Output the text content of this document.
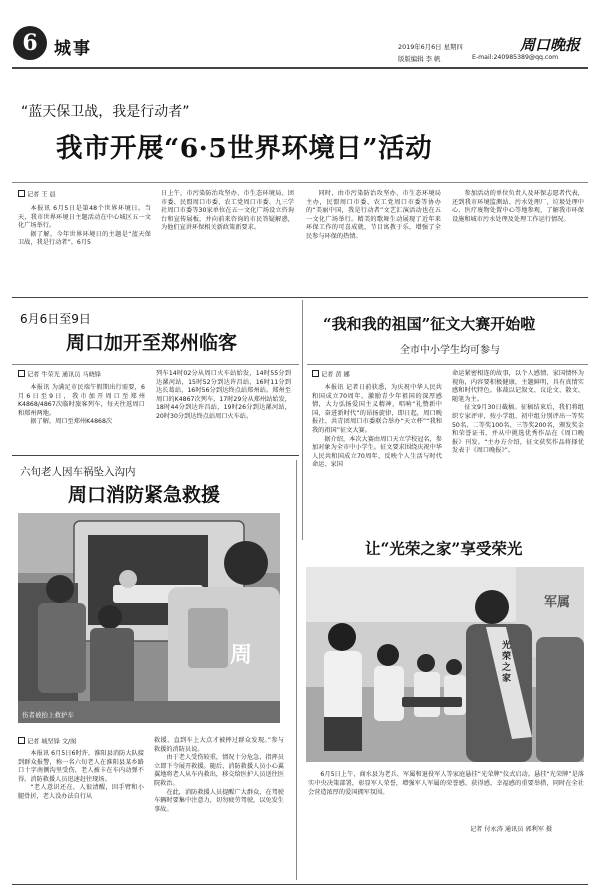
6 城事	2019年6月6日 星期四
版版编辑 李 帆
周口晚报
E-mail:240985389@qq.com
“蓝天保卫战，我是行动者”
我市开展“6·5世界环境日”活动
记者 王 晨

本报讯 6月5日是第48个世界环境日。当天，我市世界环境日主题活动在中心城区五一文化广场举行。

据了解，今年世界环境日的主题是“蓝天保卫战，我是行动者”。6月5

日上午，市污染防治攻坚办、市生态环境局、团市委、民盟周口市委、农工党周口市委、九三学社周口市委等30家单位在五一文化广场设立咨询台和宣传展板，并向前来咨询的市民答疑解惑，为他们宣讲环保相关新政策新要求。

同时，由市污染防治攻坚办、市生态环境局主办，民盟周口市委、农工党周口市委等协办的“美丽中国，我是行动者”文艺汇演活动也在五一文化广场举行。精美的歌舞生动展现了近年来环保工作的可喜成就，节目寓教于乐，增强了全民参与环保的热情。

参加活动的单位负责人及环保志愿者代表，还到我市环境监测站、污水处理厂、垃圾处理中心、医疗废物处置中心等地参观，了解我市环保设施和城市污水处理及处理工作运行情况。

6月6日至9日
周口加开至郑州临客
记者 牛荣光 通讯员 马晓锋

本报讯 为满足市民端午假期出行需要，6月6日至9日，我市加开周口至郑州K4868/4867次临时旅客列车，每天往返周口和郑州两地。

据了解，周口至郑州K4868次

列车14时02分从周口火车站始发，14时55分到达漯河站，15时52分到达许昌站，16时11分到达长葛站，16时56分到达终点站郑州站。郑州至周口的K4867次列车，17时29分从郑州站始发，18时44分到达许昌站，19时26分到达漯河站，20时30分到达终点站周口火车站。

“我和我的祖国”征文大赛开始啦
全市中小学生均可参与
记者 黄 娜

本报讯 记者日前获悉，为庆祝中华人民共和国成立70周年，激励青少年祖国的深厚感情，大力弘扬爱国主义精神，唱响“礼赞新中国，奋进新时代”的昂扬旋律，即日起，周口晚报社、共青团周口市委联合举办“天立杯”“我和我的祖国”征文大赛。

据介绍，本次大赛由周口天立学校冠名，参加对象为全市中小学生。征文要求围绕庆祝中华人民共和国成立70周年，反映个人生活与时代命运、家国

命运紧密相连的故事，以个人感情、家国情怀为视角，内容要积极健康，主题鲜明，具有真情实感和时代特色。体裁以记叙文、议论文、散文、随笔为主。

征文9月30日截稿。征稿结束后，我们将组织专家评审，按小学组、初中组分别评出一等奖50名、二等奖100名、三等奖200名，颁发奖金和荣誉证书，并从中挑选优秀作品在《周口晚报》刊发。“主办方介绍，征文获奖作品将择优发表于《周口晚报》”。

六旬老人因车祸坠入沟内
周口消防紧急救援
周
伤者被抬上救护车
记者 城坚锋 文/图

本报讯 6月5日6时许，淮阳县消防大队接到群众报警，称一名六旬老人在淮阳县某乡路口十字南侧沟里受伤，老人被卡在车内动弹不得。消防救援人员迅速赶往现场。

“老人意识还在，人很清醒，因手臂和小腿骨折，老人没办法自行从

救援、直到车上大点才被摔过群众发现。”参与救援的消防员说。

由于老人受伤较重，情况十分危急，指挥员立即下令展开救援。随后，消防救援人员小心翼翼地将老人从车内救出，移交给医护人员送往医院救治。

在此，消防救援人员提醒广大群众，在驾驶车辆时要集中注意力，切勿疲劳驾驶，以免发生事故。

让“光荣之家”享受荣光
光荣之家
军属

6月5日上午，商水县为老兵、军属和退役军人等家庭悬挂“光荣牌”仪式启动。悬挂“光荣牌”是落实中央决策部署，彰显军人荣誉，增强军人军属的荣誉感、获得感、幸福感的重要举措，同时在全社会营造浓厚的爱国拥军氛围。

记者 付永涛 通讯员 郭利军 摄
